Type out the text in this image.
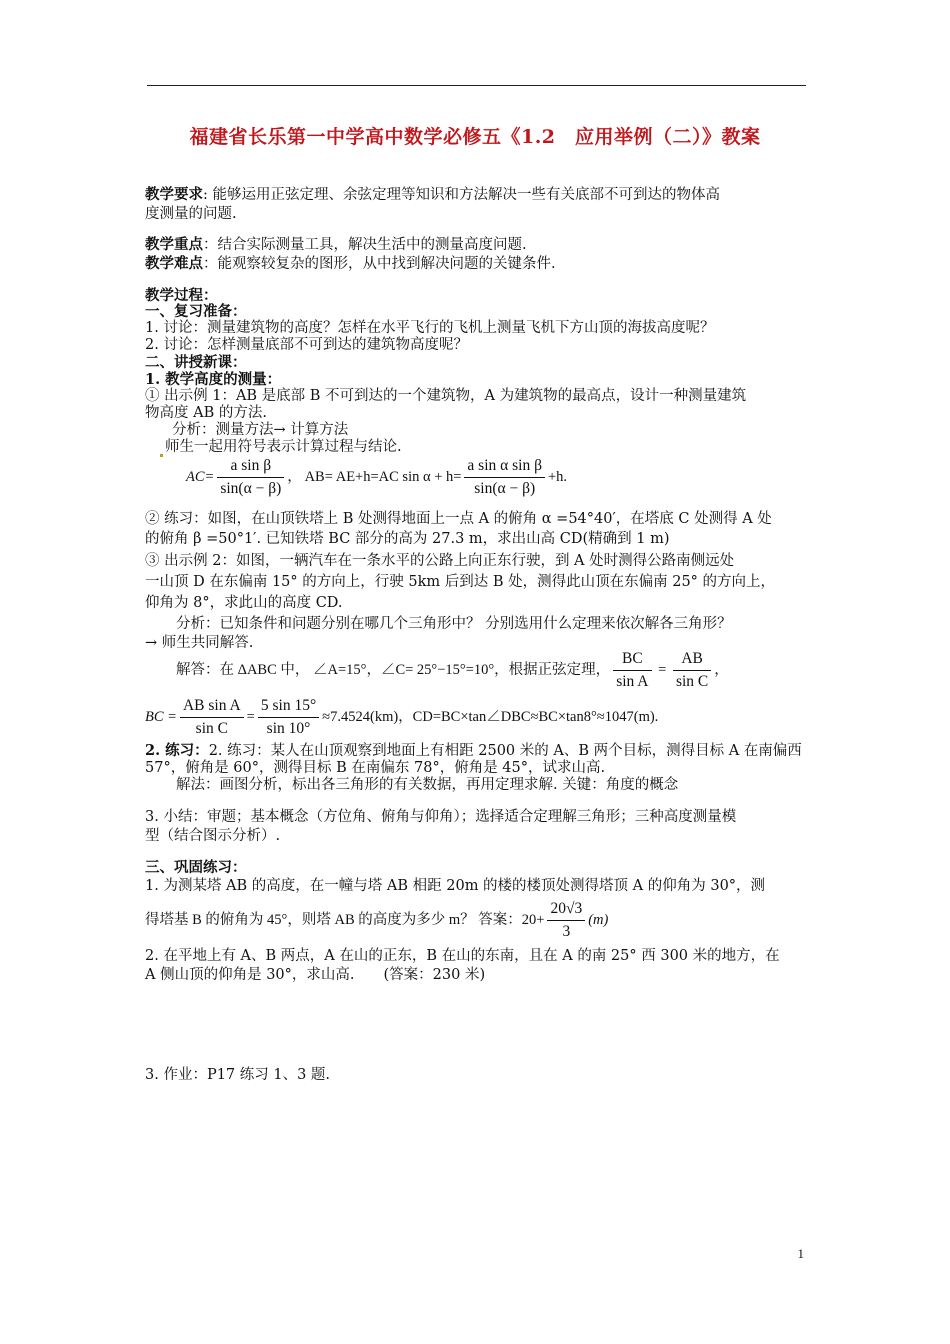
福建省长乐第一中学高中数学必修五《1.2　应用举例（二）》教案
教学要求: 能够运用正弦定理、余弦定理等知识和方法解决一些有关底部不可到达的物体高
度测量的问题.
教学重点：结合实际测量工具，解决生活中的测量高度问题.
教学难点：能观察较复杂的图形，从中找到解决问题的关键条件.
教学过程：
一、复习准备：
1. 讨论：测量建筑物的高度？怎样在水平飞行的飞机上测量飞机下方山顶的海拔高度呢？
2. 讨论：怎样测量底部不可到达的建筑物高度呢？
二、讲授新课：
1. 教学高度的测量：
① 出示例 1：AB 是底部 B 不可到达的一个建筑物，A 为建筑物的最高点，设计一种测量建筑
物高度 AB 的方法.
分析：测量方法→ 计算方法
师生一起用符号表示计算过程与结论.
$AC= \frac{\text{a sin β}}{\sin(\alpha - \beta)}$ ， AB= AE+h=AC $\sin \alpha + h= \frac{\text{a sin α sin β}}{\sin(\alpha - \beta)} +h$.
② 练习：如图，在山顶铁塔上 B 处测得地面上一点 A 的俯角 α =54°40′，在塔底 C 处测得 A 处
的俯角 β =50°1′. 已知铁塔 BC 部分的高为 27.3 m，求出山高 CD(精确到 1 m)
③ 出示例 2：如图，一辆汽车在一条水平的公路上向正东行驶，到 A 处时测得公路南侧远处
一山顶 D 在东偏南 15° 的方向上，行驶 5km 后到达 B 处，测得此山顶在东偏南 25° 的方向上，
仰角为 8°，求此山的高度 CD.
分析：已知条件和问题分别在哪几个三角形中？ 分别选用什么定理来依次解各三角形？
→ 师生共同解答.
解答：在 ΔABC 中， ∠A=15°，∠C= 25°−15°=10°，根据正弦定理， $\frac{BC}{\text{sin A}} = \frac{AB}{\text{sin C}}$ ，
BC = $\frac{\text{AB sin A}}{\text{sin C}} = \frac{5 \sin 15^\circ}{\sin 10^\circ} \approx 7.4524(km)$，CD=BC×tan∠DBC≈BC×tan8°≈1047(m).
2. 练习：2. 练习：某人在山顶观察到地面上有相距 2500 米的 A、B 两个目标，测得目标 A 在南偏西
57°，俯角是 60°，测得目标 B 在南偏东 78°，俯角是 45°，试求山高.
解法：画图分析，标出各三角形的有关数据，再用定理求解. 关键：角度的概念
3. 小结：审题；基本概念（方位角、俯角与仰角）；选择适合定理解三角形；三种高度测量模
型（结合图示分析）.
三、巩固练习：
1. 为测某塔 AB 的高度，在一幢与塔 AB 相距 20m 的楼的楼顶处测得塔顶 A 的仰角为 30°，测
得塔基 B 的俯角为 45°，则塔 AB 的高度为多少 m？ 答案：$20+ \frac{20√3}{3} (m)$
2. 在平地上有 A、B 两点，A 在山的正东，B 在山的东南，且在 A 的南 25° 西 300 米的地方，在
A 侧山顶的仰角是 30°，求山高.　　(答案：230 米)
3. 作业：P17 练习 1、3 题.
1
